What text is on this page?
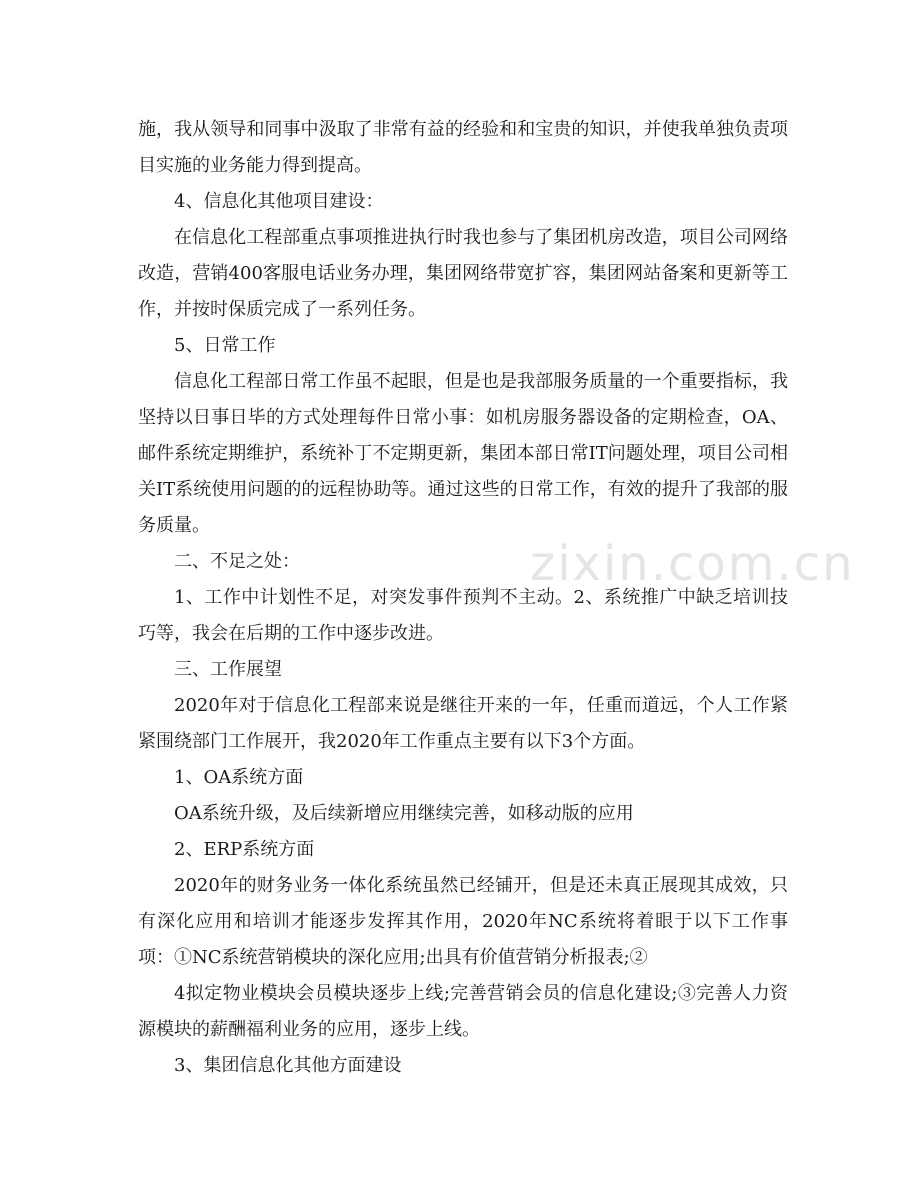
施，我从领导和同事中汲取了非常有益的经验和和宝贵的知识，并使我单独负责项目实施的业务能力得到提高。

4、信息化其他项目建设：

在信息化工程部重点事项推进执行时我也参与了集团机房改造，项目公司网络改造，营销400客服电话业务办理，集团网络带宽扩容，集团网站备案和更新等工作，并按时保质完成了一系列任务。

5、日常工作

信息化工程部日常工作虽不起眼，但是也是我部服务质量的一个重要指标，我坚持以日事日毕的方式处理每件日常小事：如机房服务器设备的定期检查，OA、邮件系统定期维护，系统补丁不定期更新，集团本部日常IT问题处理，项目公司相关IT系统使用问题的的远程协助等。通过这些的日常工作，有效的提升了我部的服务质量。

二、不足之处：

1、工作中计划性不足，对突发事件预判不主动。2、系统推广中缺乏培训技巧等，我会在后期的工作中逐步改进。

三、工作展望

2020年对于信息化工程部来说是继往开来的一年，任重而道远，个人工作紧紧围绕部门工作展开，我2020年工作重点主要有以下3个方面。

1、OA系统方面

OA系统升级，及后续新增应用继续完善，如移动版的应用

2、ERP系统方面

2020年的财务业务一体化系统虽然已经铺开，但是还未真正展现其成效，只有深化应用和培训才能逐步发挥其作用，2020年NC系统将着眼于以下工作事项：①NC系统营销模块的深化应用;出具有价值营销分析报表;②

4拟定物业模块会员模块逐步上线;完善营销会员的信息化建设;③完善人力资源模块的薪酬福利业务的应用，逐步上线。

3、集团信息化其他方面建设

zixin.com.cn
